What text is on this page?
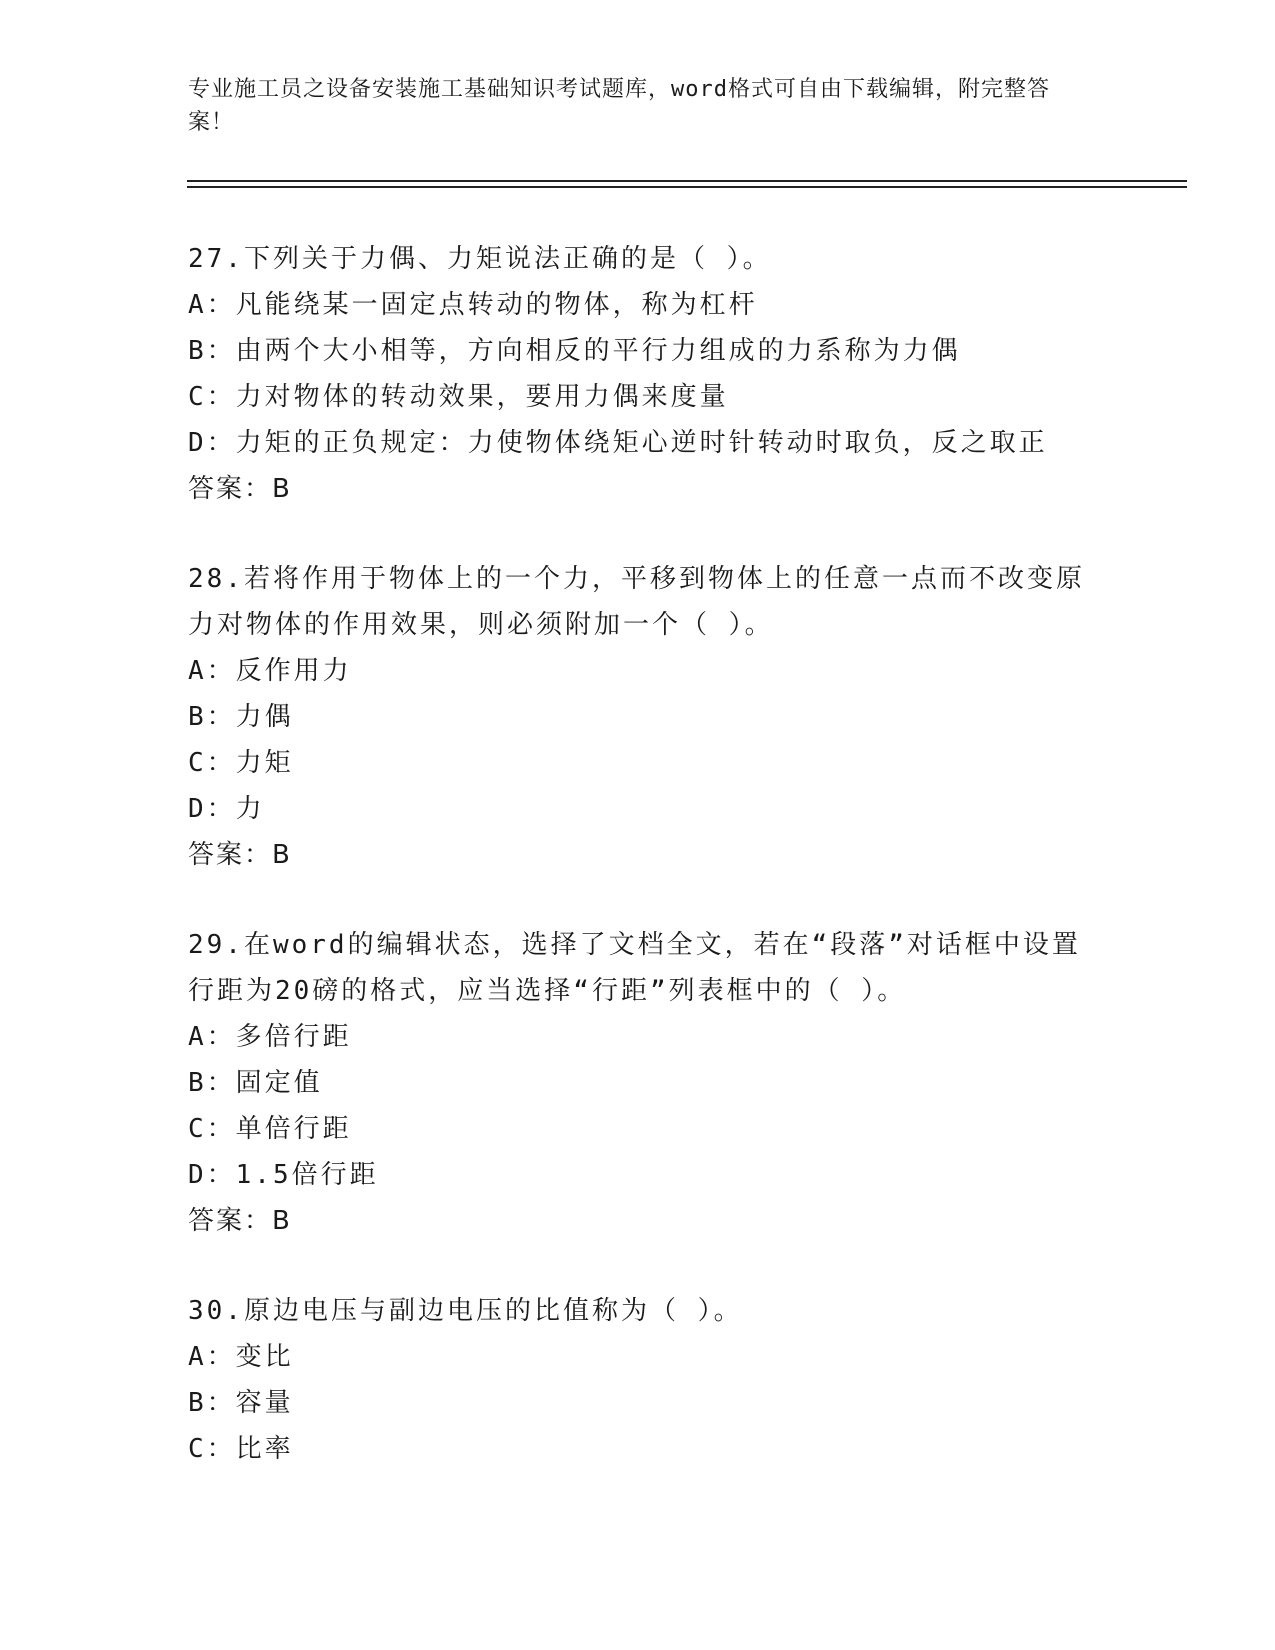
专业施工员之设备安装施工基础知识考试题库，word格式可自由下载编辑，附完整答案！
27.下列关于力偶、力矩说法正确的是（ ）。
A：凡能绕某一固定点转动的物体，称为杠杆
B：由两个大小相等，方向相反的平行力组成的力系称为力偶
C：力对物体的转动效果，要用力偶来度量
D：力矩的正负规定：力使物体绕矩心逆时针转动时取负，反之取正
答案：B
28.若将作用于物体上的一个力，平移到物体上的任意一点而不改变原力对物体的作用效果，则必须附加一个（ ）。
A：反作用力
B：力偶
C：力矩
D：力
答案：B
29.在word的编辑状态，选择了文档全文，若在“段落”对话框中设置行距为20磅的格式，应当选择“行距”列表框中的（ ）。
A：多倍行距
B：固定值
C：单倍行距
D：1.5倍行距
答案：B
30.原边电压与副边电压的比值称为（ ）。
A：变比
B：容量
C：比率
